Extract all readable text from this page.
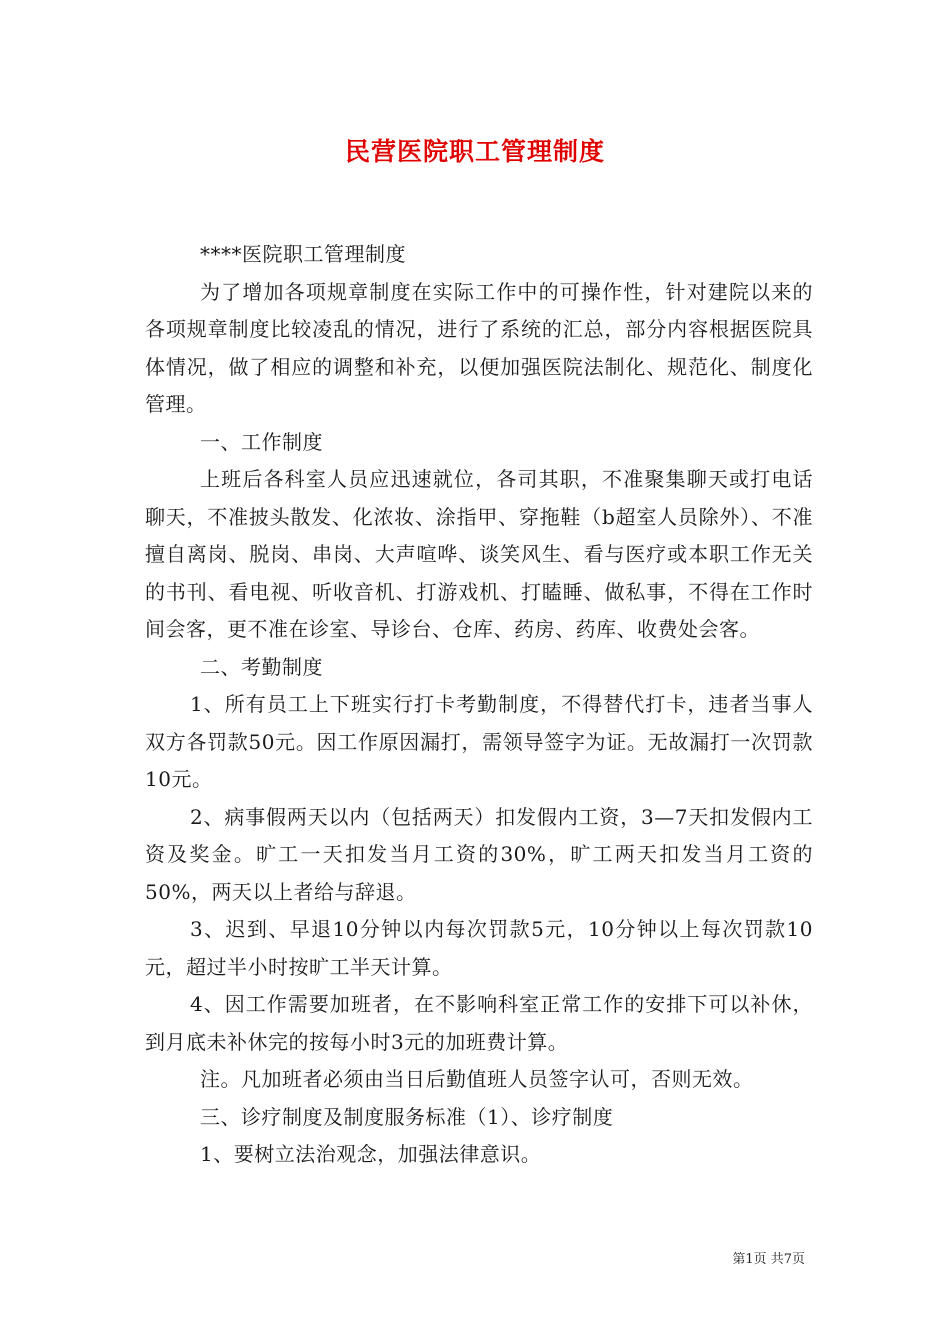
民营医院职工管理制度

****医院职工管理制度

为了增加各项规章制度在实际工作中的可操作性，针对建院以来的各项规章制度比较凌乱的情况，进行了系统的汇总，部分内容根据医院具体情况，做了相应的调整和补充，以便加强医院法制化、规范化、制度化管理。

一、工作制度

上班后各科室人员应迅速就位，各司其职，不准聚集聊天或打电话聊天，不准披头散发、化浓妆、涂指甲、穿拖鞋（b超室人员除外）、不准擅自离岗、脱岗、串岗、大声喧哗、谈笑风生、看与医疗或本职工作无关的书刊、看电视、听收音机、打游戏机、打瞌睡、做私事，不得在工作时间会客，更不准在诊室、导诊台、仓库、药房、药库、收费处会客。

二、考勤制度

1、所有员工上下班实行打卡考勤制度，不得替代打卡，违者当事人双方各罚款50元。因工作原因漏打，需领导签字为证。无故漏打一次罚款10元。

2、病事假两天以内（包括两天）扣发假内工资，3—7天扣发假内工资及奖金。旷工一天扣发当月工资的30%，旷工两天扣发当月工资的50%，两天以上者给与辞退。

3、迟到、早退10分钟以内每次罚款5元，10分钟以上每次罚款10元，超过半小时按旷工半天计算。

4、因工作需要加班者，在不影响科室正常工作的安排下可以补休，到月底未补休完的按每小时3元的加班费计算。

注。凡加班者必须由当日后勤值班人员签字认可，否则无效。

三、诊疗制度及制度服务标准（1）、诊疗制度

1、要树立法治观念，加强法律意识。

第1页 共7页
